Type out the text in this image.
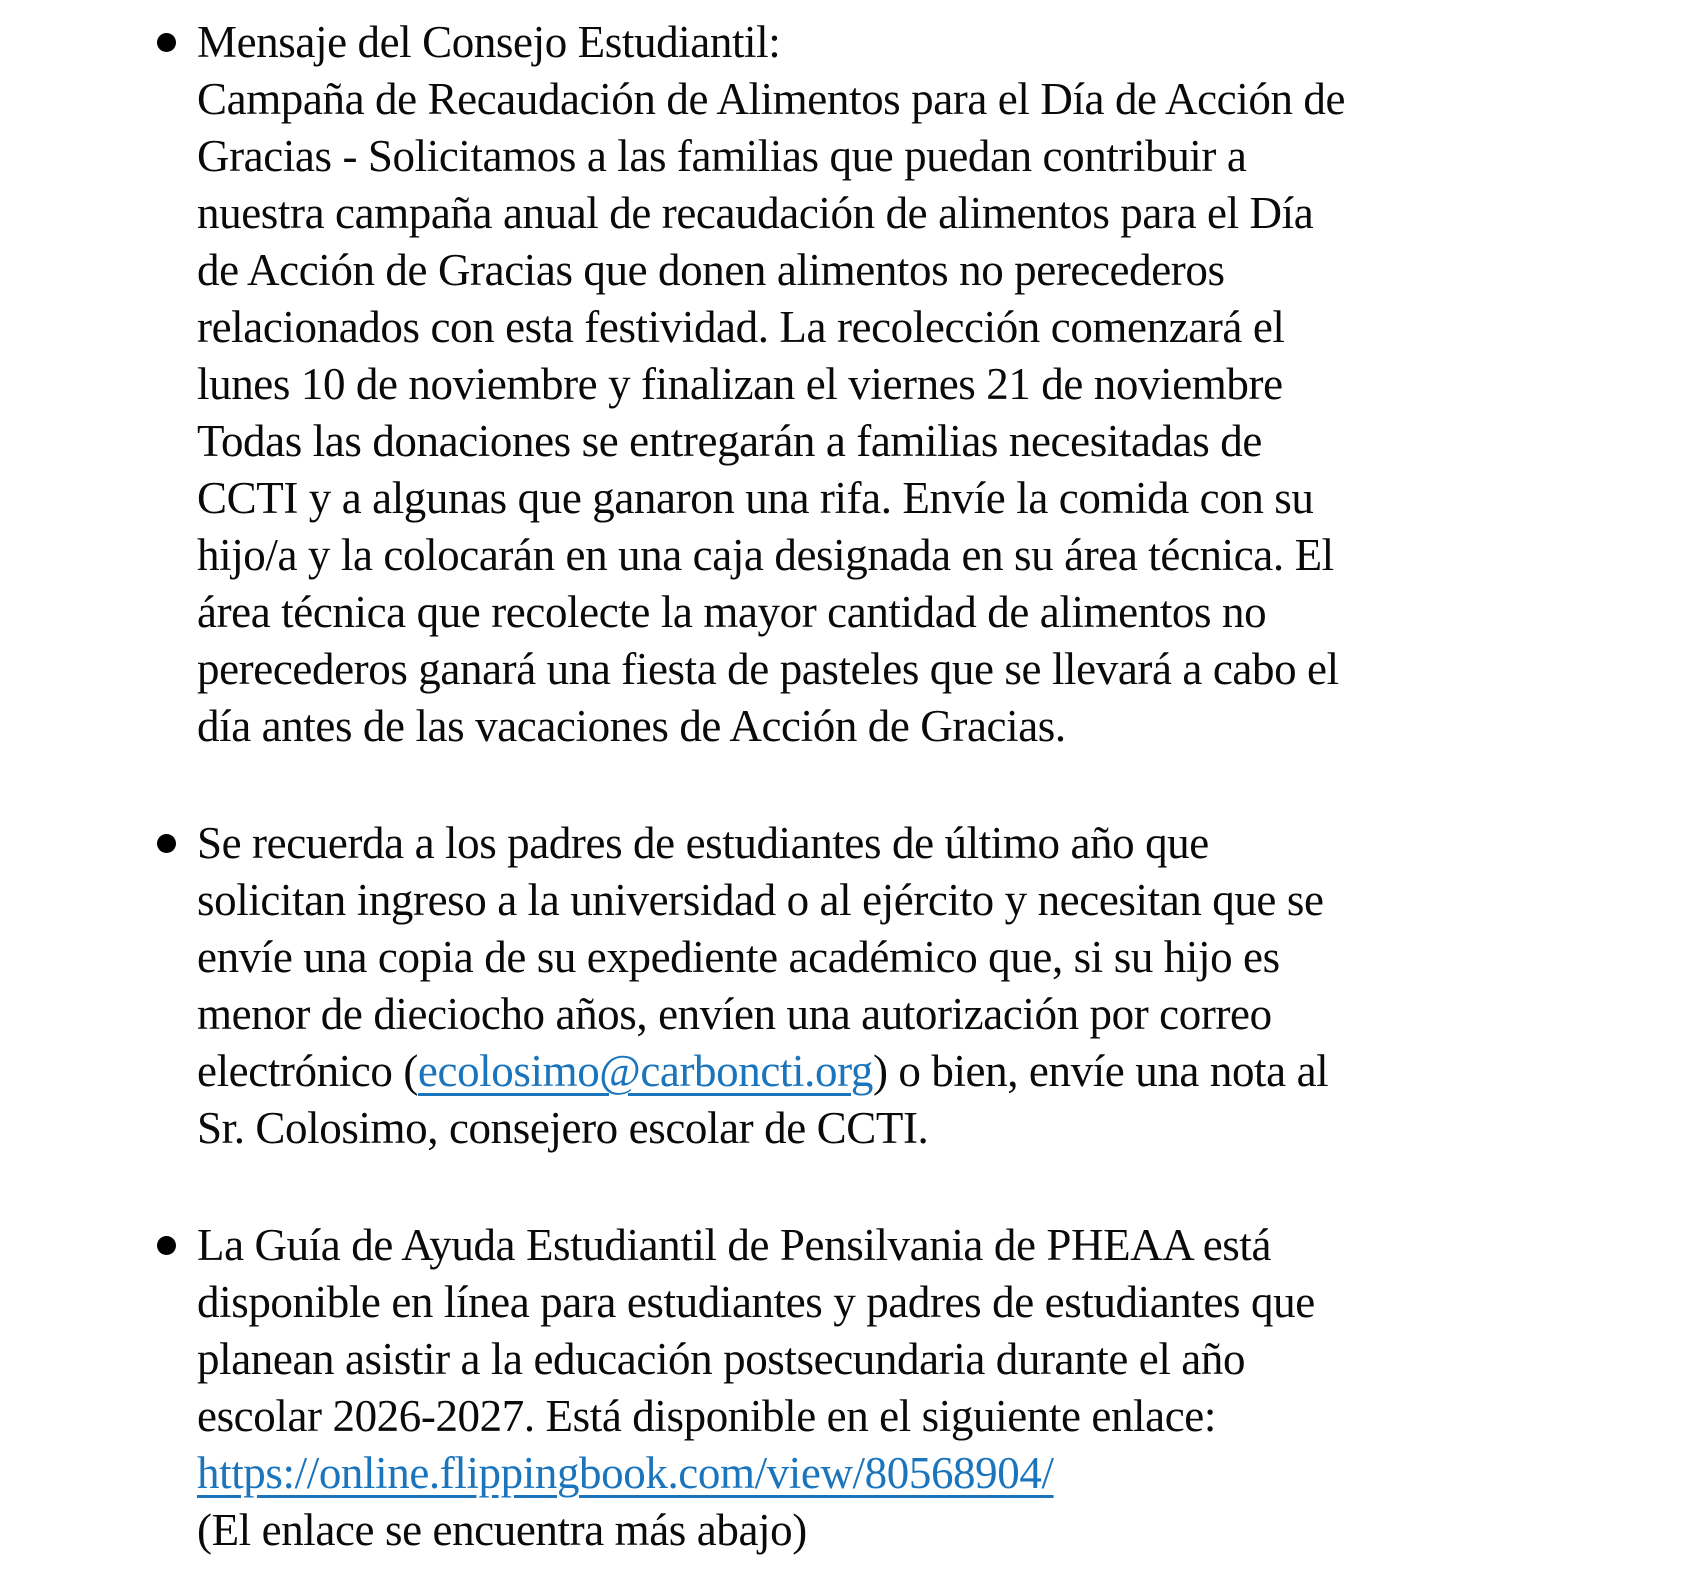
Mensaje del Consejo Estudiantil:
Campaña de Recaudación de Alimentos para el Día de Acción de
Gracias - Solicitamos a las familias que puedan contribuir a
nuestra campaña anual de recaudación de alimentos para el Día
de Acción de Gracias que donen alimentos no perecederos
relacionados con esta festividad. La recolección comenzará el
lunes 10 de noviembre y finalizan el viernes 21 de noviembre
Todas las donaciones se entregarán a familias necesitadas de
CCTI y a algunas que ganaron una rifa. Envíe la comida con su
hijo/a y la colocarán en una caja designada en su área técnica. El
área técnica que recolecte la mayor cantidad de alimentos no
perecederos ganará una fiesta de pasteles que se llevará a cabo el
día antes de las vacaciones de Acción de Gracias.
Se recuerda a los padres de estudiantes de último año que
solicitan ingreso a la universidad o al ejército y necesitan que se
envíe una copia de su expediente académico que, si su hijo es
menor de dieciocho años, envíen una autorización por correo
electrónico (ecolosimo@carboncti.org) o bien, envíe una nota al
Sr. Colosimo, consejero escolar de CCTI.
La Guía de Ayuda Estudiantil de Pensilvania de PHEAA está
disponible en línea para estudiantes y padres de estudiantes que
planean asistir a la educación postsecundaria durante el año
escolar 2026-2027. Está disponible en el siguiente enlace:
https://online.flippingbook.com/view/80568904/
(El enlace se encuentra más abajo)
